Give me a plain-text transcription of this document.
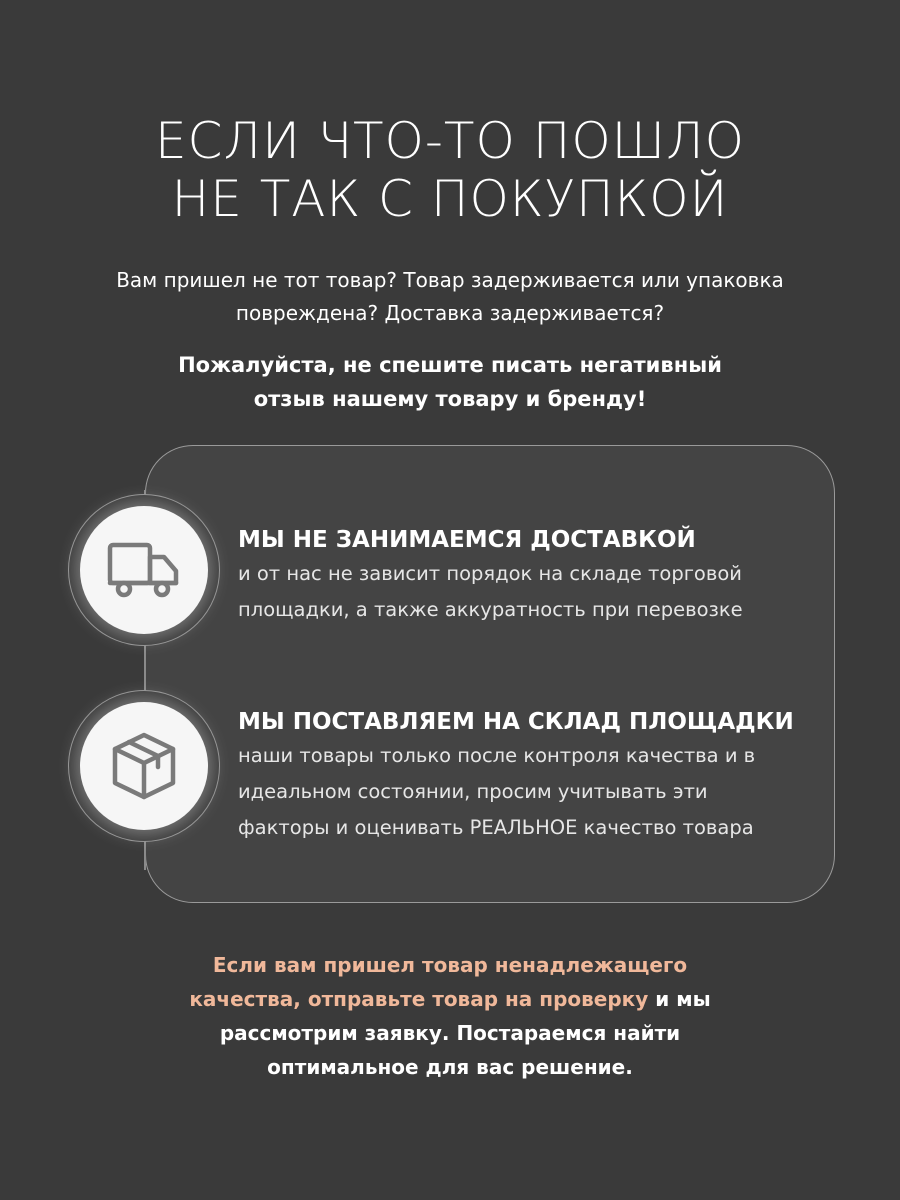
ЕСЛИ ЧТО-ТО ПОШЛО
НЕ ТАК С ПОКУПКОЙ
Вам пришел не тот товар? Товар задерживается или упаковка
повреждена? Доставка задерживается?
Пожалуйста, не спешите писать негативный
отзыв нашему товару и бренду!
МЫ НЕ ЗАНИМАЕМСЯ ДОСТАВКОЙ
и от нас не зависит порядок на складе торговой
площадки, а также аккуратность при перевозке
МЫ ПОСТАВЛЯЕМ НА СКЛАД ПЛОЩАДКИ
наши товары только после контроля качества и в
идеальном состоянии, просим учитывать эти
факторы и оценивать РЕАЛЬНОЕ качество товара
Если вам пришел товар ненадлежащего
качества, отправьте товар на проверку и мы
рассмотрим заявку. Постараемся найти
оптимальное для вас решение.
